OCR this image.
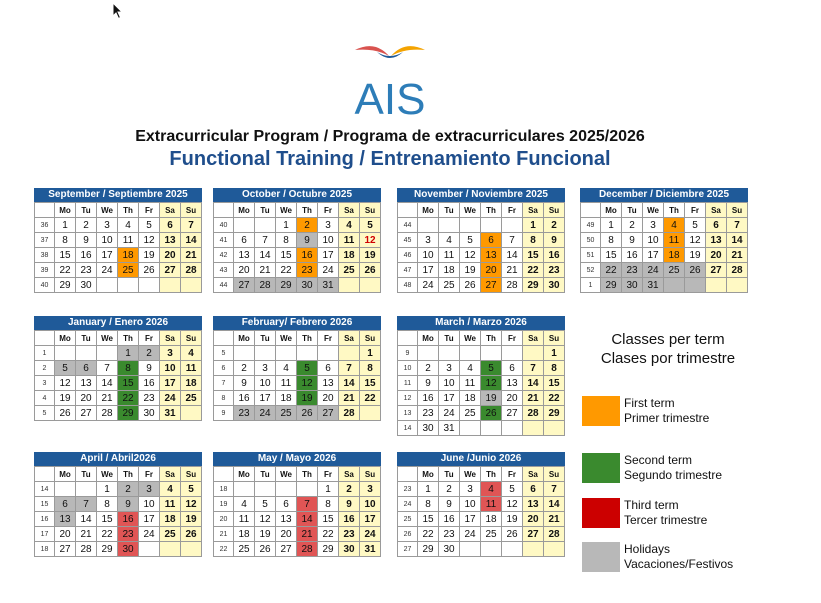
AIS
Extracurricular Program / Programa de extracurriculares 2025/2026
Functional Training / Entrenamiento Funcional
September / Septiembre 2025
	Mo	Tu	We	Th	Fr	Sa	Su
36	1	2	3	4	5	6	7
37	8	9	10	11	12	13	14
38	15	16	17	18	19	20	21
39	22	23	24	25	26	27	28
40	29	30					
October / Octubre 2025
	Mo	Tu	We	Th	Fr	Sa	Su
40			1	2	3	4	5
41	6	7	8	9	10	11	12
42	13	14	15	16	17	18	19
43	20	21	22	23	24	25	26
44	27	28	29	30	31		
November / Noviembre 2025
	Mo	Tu	We	Th	Fr	Sa	Su
44						1	2
45	3	4	5	6	7	8	9
46	10	11	12	13	14	15	16
47	17	18	19	20	21	22	23
48	24	25	26	27	28	29	30
December / Diciembre 2025
	Mo	Tu	We	Th	Fr	Sa	Su
49	1	2	3	4	5	6	7
50	8	9	10	11	12	13	14
51	15	16	17	18	19	20	21
52	22	23	24	25	26	27	28
1	29	30	31				
January / Enero 2026
	Mo	Tu	We	Th	Fr	Sa	Su
1				1	2	3	4
2	5	6	7	8	9	10	11
3	12	13	14	15	16	17	18
4	19	20	21	22	23	24	25
5	26	27	28	29	30	31	
February/ Febrero 2026
	Mo	Tu	We	Th	Fr	Sa	Su
5							1
6	2	3	4	5	6	7	8
7	9	10	11	12	13	14	15
8	16	17	18	19	20	21	22
9	23	24	25	26	27	28	
March / Marzo 2026
	Mo	Tu	We	Th	Fr	Sa	Su
9							1
10	2	3	4	5	6	7	8
11	9	10	11	12	13	14	15
12	16	17	18	19	20	21	22
13	23	24	25	26	27	28	29
14	30	31					
April / Abril2026
	Mo	Tu	We	Th	Fr	Sa	Su
14			1	2	3	4	5
15	6	7	8	9	10	11	12
16	13	14	15	16	17	18	19
17	20	21	22	23	24	25	26
18	27	28	29	30			
May / Mayo 2026
	Mo	Tu	We	Th	Fr	Sa	Su
18					1	2	3
19	4	5	6	7	8	9	10
20	11	12	13	14	15	16	17
21	18	19	20	21	22	23	24
22	25	26	27	28	29	30	31
June /Junio 2026
	Mo	Tu	We	Th	Fr	Sa	Su
23	1	2	3	4	5	6	7
24	8	9	10	11	12	13	14
25	15	16	17	18	19	20	21
26	22	23	24	25	26	27	28
27	29	30					
Classes per term
Clases por trimestre
First term
Primer trimestre
Second term
Segundo trimestre
Third term
Tercer trimestre
Holidays
Vacaciones/Festivos
